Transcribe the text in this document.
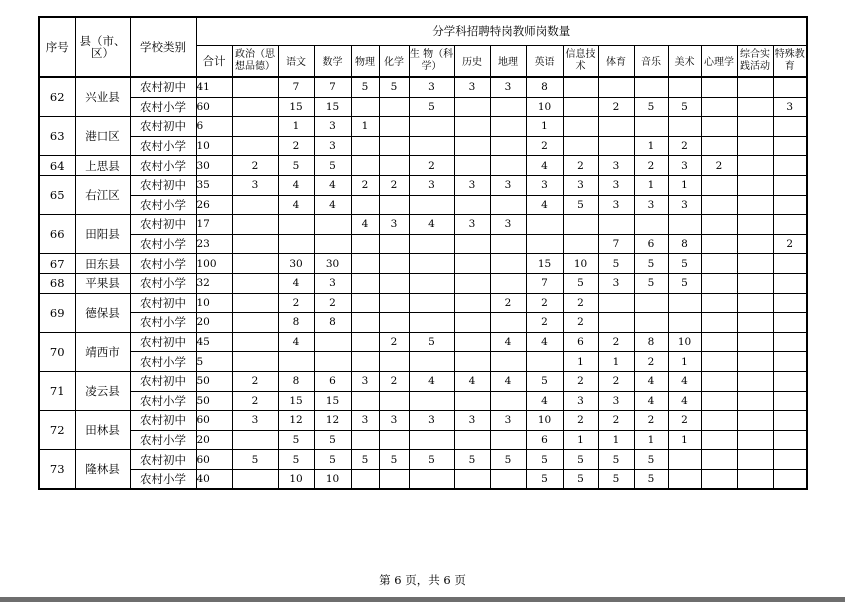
序号	县（市、区）	学校类别	分学科招聘特岗教师岗数量																
			合计	政治（思想品德）	语文	数学	物理	化学	生 物（科学）	历史	地理	英语	信息技术	体育	音乐	美术	心理学	综合实践活动	特殊教育
62	兴业县	农村初中	41		7	7	5	5	3	3	3	8							
		农村小学	60		15	15			5			10		2	5	5			3
63	港口区	农村初中	6		1	3	1					1							
		农村小学	10		2	3						2			1	2			
64	上思县	农村小学	30	2	5	5			2			4	2	3	2	3	2		
65	右江区	农村初中	35	3	4	4	2	2	3	3	3	3	3	3	1	1			
		农村小学	26		4	4						4	5	3	3	3			
66	田阳县	农村初中	17				4	3	4	3	3								
		农村小学	23											7	6	8			2
67	田东县	农村小学	100		30	30						15	10	5	5	5			
68	平果县	农村小学	32		4	3						7	5	3	5	5			
69	德保县	农村初中	10		2	2					2	2	2						
		农村小学	20		8	8						2	2						
70	靖西市	农村初中	45		4			2	5		4	4	6	2	8	10			
		农村小学	5										1	1	2	1			
71	凌云县	农村初中	50	2	8	6	3	2	4	4	4	5	2	2	4	4			
		农村小学	50	2	15	15						4	3	3	4	4			
72	田林县	农村初中	60	3	12	12	3	3	3	3	3	10	2	2	2	2			
		农村小学	20		5	5						6	1	1	1	1			
73	隆林县	农村初中	60	5	5	5	5	5	5	5	5	5	5	5	5				
		农村小学	40		10	10						5	5	5	5				
第 6 页，共 6 页
